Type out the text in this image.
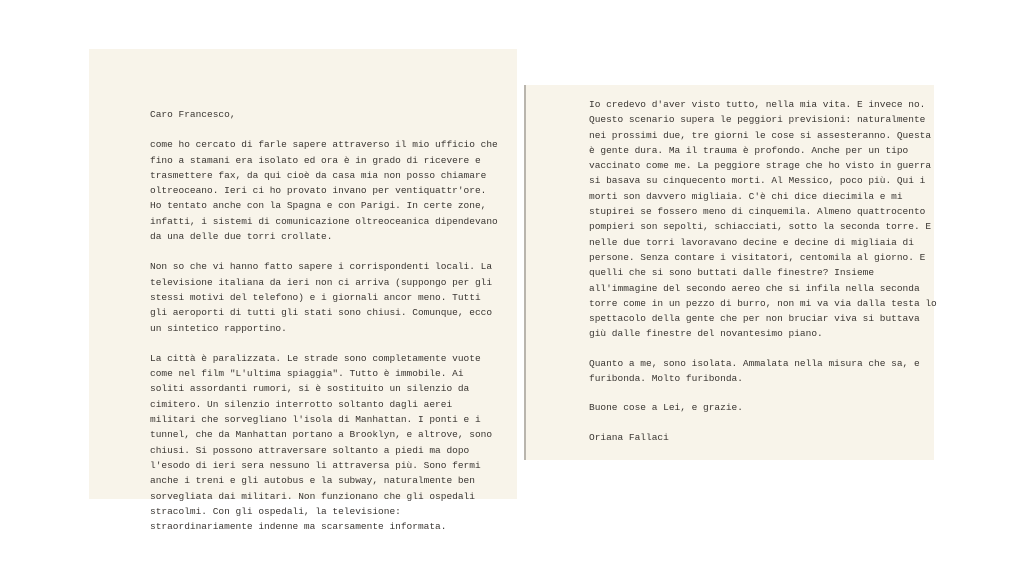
Caro Francesco,

come ho cercato di farle sapere attraverso il mio ufficio che
fino a stamani era isolato ed ora è in grado di ricevere e
trasmettere fax, da qui cioè da casa mia non posso chiamare
oltreoceano. Ieri ci ho provato invano per ventiquattr'ore.
Ho tentato anche con la Spagna e con Parigi. In certe zone,
infatti, i sistemi di comunicazione oltreoceanica dipendevano
da una delle due torri crollate.

Non so che vi hanno fatto sapere i corrispondenti locali. La
televisione italiana da ieri non ci arriva (suppongo per gli
stessi motivi del telefono) e i giornali ancor meno. Tutti
gli aeroporti di tutti gli stati sono chiusi. Comunque, ecco
un sintetico rapportino.

La città è paralizzata. Le strade sono completamente vuote
come nel film "L'ultima spiaggia". Tutto è immobile. Ai
soliti assordanti rumori, si è sostituito un silenzio da
cimitero. Un silenzio interrotto soltanto dagli aerei
militari che sorvegliano l'isola di Manhattan. I ponti e i
tunnel, che da Manhattan portano a Brooklyn, e altrove, sono
chiusi. Si possono attraversare soltanto a piedi ma dopo
l'esodo di ieri sera nessuno li attraversa più. Sono fermi
anche i treni e gli autobus e la subway, naturalmente ben
sorvegliata dai militari. Non funzionano che gli ospedali
stracolmi. Con gli ospedali, la televisione:
straordinariamente indenne ma scarsamente informata.

Io credevo d'aver visto tutto, nella mia vita. E invece no.
Questo scenario supera le peggiori previsioni: naturalmente
nei prossimi due, tre giorni le cose si assesteranno. Questa
è gente dura. Ma il trauma è profondo. Anche per un tipo
vaccinato come me. La peggiore strage che ho visto in guerra
si basava su cinquecento morti. Al Messico, poco più. Qui i
morti son davvero migliaia. C'è chi dice diecimila e mi
stupirei se fossero meno di cinquemila. Almeno quattrocento
pompieri son sepolti, schiacciati, sotto la seconda torre. E
nelle due torri lavoravano decine e decine di migliaia di
persone. Senza contare i visitatori, centomila al giorno. E
quelli che si sono buttati dalle finestre? Insieme
all'immagine del secondo aereo che si infila nella seconda
torre come in un pezzo di burro, non mi va via dalla testa lo
spettacolo della gente che per non bruciar viva si buttava
giù dalle finestre del novantesimo piano.

Quanto a me, sono isolata. Ammalata nella misura che sa, e
furibonda. Molto furibonda.

Buone cose a Lei, e grazie.

Oriana Fallaci
